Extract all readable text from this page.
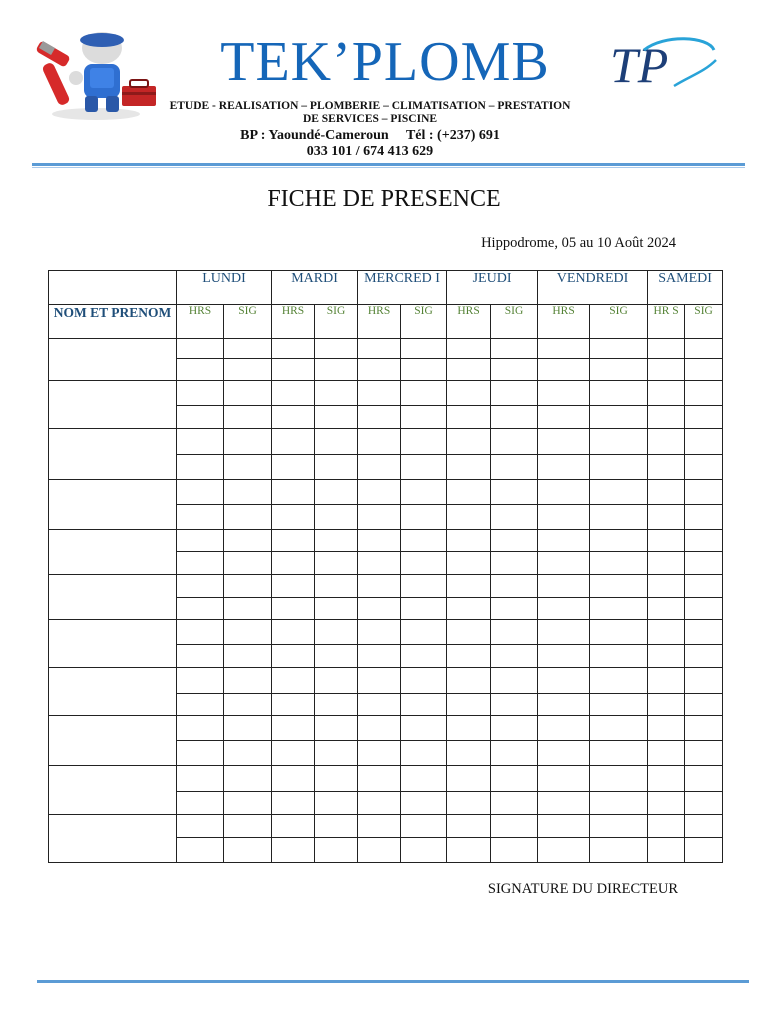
TEK’PLOMB	TP
ETUDE - REALISATION – PLOMBERIE – CLIMATISATION – PRESTATION
DE SERVICES – PISCINE
BP : Yaoundé-Cameroun     Tél : (+237) 691
033 101 / 674 413 629
FICHE DE PRESENCE
Hippodrome, 05 au 10 Août 2024
	LUNDI		MARDI		MERCRED I		JEUDI		VENDREDI		SAMEDI	
NOM ET PRENOM	HRS	SIG	HRS	SIG	HRS	SIG	HRS	SIG	HRS	SIG	HR S	SIG

SIGNATURE DU DIRECTEUR
